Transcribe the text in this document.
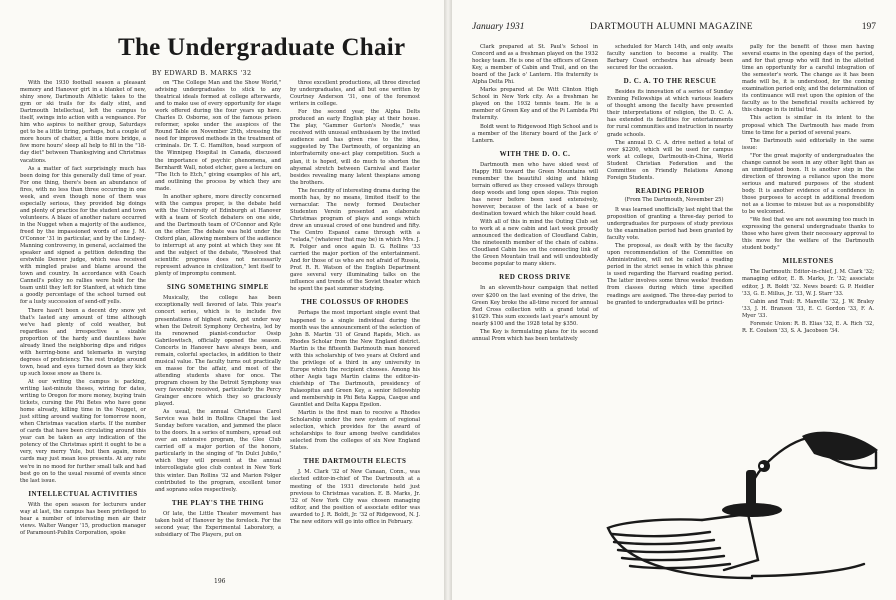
The Undergraduate Chair
BY EDWARD B. MARKS '32

With the 1930 football season a pleasant memory and Hanover girt in a blanket of new, shiny snow, Dartmouth Athletic takes to the gym or ski trails for its daily stint, and Dartmouth Intellectual, left the campus to itself, swings into action with a vengeance. For him who aspires to neither group, Saturdays get to be a little tiring, perhaps, but a couple of more hours of chatter, a little more bridge, a few more hours' sleep all help to fill in the "18-day diet" between Thanksgiving and Christmas vacations.

As a matter of fact surprisingly much has been doing for this generally dull time of year. For one thing, there's been an abundance of fires, with no less than three occurring in one week, and even though none of them was especially serious, they provided big doings and plenty of practice for the student and town volunteers. A blaze of another nature occurred in the Nugget when a majority of the audience, freed by the impassioned words of one J. M. O'Connor '31 in particular, and by the Lindsey-Manning controversy, in general, acclaimed the speaker and signed a petition defending the erstwhile Denver judge, which was received with mingled praise and blame around the town and country. In accordance with Coach Cannell's policy no rallies were held for the team until they left for Stanford, at which time a goodly percentage of the school turned out for a lusty succession of send-off yells.

There hasn't been a decent dry snow yet that's lasted any amount of time although we've had plenty of cold weather, but regardless and irrespective a sizable proportion of the hardy and dauntless have already lined the neighboring dips and ridges with herring-bone and telemarks in varying degrees of proficiency. The rest trudge around town, head and eyes turned down as they kick up such loose snow as there is.

At our writing the campus is packing, writing last-minute theses, wiring for dates, writing to Oregon for more money, buying train tickets, cursing the Phi Betes who have gone home already, killing time in the Nugget, or just sitting around waiting for tomorrow noon, when Christmas vacation starts. If the number of cards that have been circulating around this year can be taken as any indication of the potency of the Christmas spirit it ought to be a very, very merry Yule, but then again, more cards may just mean less presents. At any rate we're in no mood for further small talk and had best go on to the usual resumé of events since the last issue.

INTELLECTUAL ACTIVITIES

With the open season for lecturers under way at last, the campus has been privileged to hear a number of interesting men air their views. Walter Wanger '15, production manager of Paramount-Publix Corporation, spoke

on "The College Man and the Show World," advising undergraduates to stick to any theatrical ideals formed at college afterwards, and to make use of every opportunity for stage work offered during the four years up here. Charles D. Osborne, son of the famous prison reformer, spoke under the auspices of the Round Table on November 25th, stressing the need for improved methods in the treatment of criminals. Dr. T. C. Hamilton, head surgeon of the Winnipeg Hospital in Canada, discussed the importance of psychic phenomena, and Bernhardt Wall, noted etcher, gave a lecture on "The Itch to Etch," giving examples of his art, and outlining the process by which they are made.

In another sphere, more directly concerned with the campus proper, is the debate held with the University of Edinburgh at Hanover with a team of Scotch debaters on one side, and the Dartmouth team of O'Connor and Kyle on the other. The debate was held under the Oxford plan, allowing members of the audience to interrupt at any point at which they see fit and the subject of the debate, "Resolved that scientific progress does not necessarily represent advance in civilization," lent itself to plenty of impromptu comment.

SING SOMETHING SIMPLE

Musically, the college has been exceptionally well favored of late. This year's concert series, which is to include five presentations of highest rank, got under way when the Detroit Symphony Orchestra, led by its renowned pianist-conductor Ossip Gabrilowitsch, officially opened the season. Concerts in Hanover have always been, and remain, colorful spectacles, in addition to their musical value. The faculty turns out practically en masse for the affair, and most of the attending students shave for once. The program chosen by the Detroit Symphony was very favorably received, particularly the Percy Grainger encore which they so graciously played.

As usual, the annual Christmas Carol Service was held in Rollins Chapel the last Sunday before vacation, and jammed the place to the doors. In a series of numbers, spread out over an extensive program, the Glee Club carried off a major portion of the honors, particularly in the singing of "In Dulci Jubilo," which they will present at the annual intercollegiate glee club contest in New York this winter. Dan Rollins '32 and Marion Folger contributed to the program, excellent tenor and soprano solos respectively.

THE PLAY'S THE THING

Of late, the Little Theater movement has taken hold of Hanover by the forelock. For the second year, the Experimental Laboratory, a subsidiary of The Players, put on

three excellent productions, all three directed by undergraduates, and all but one written by Courtney Anderson '31, one of the foremost writers in college.

For the second year, the Alpha Delts produced an early English play at their house. The play, "Gammer Gurton's Needle," was received with unusual enthusiasm by the invited audience and has given rise to the idea, suggested by The Dartmouth, of organizing an interfraternity one-act play competition. Such a plan, it is hoped, will do much to shorten the abysmal stretch between Carnival and Easter besides revealing many latent thespians among the brothers.

The fecundity of interesting drama during the month has, by no means, limited itself to the vernacular. The newly formed Deutscher Studenten Verein presented an elaborate Christmas program of plays and songs which drew an unusual crowd of one hundred and fifty. The Centro Espanol came through with a "velada," (whatever that may be) in which Mrs. J. R. Folger and once again D. G. Rollins '33 carried the major portion of the entertainment. And for those of us who are not afraid of Russia, Prof. R. R. Watson of the English Department gave several very illuminating talks on the influence and trends of the Soviet theater which he spent the past summer studying.

THE COLOSSUS OF RHODES

Perhaps the most important single event that happened to a single individual during the month was the announcement of the selection of John B. Martin '31 of Grand Rapids, Mich. as Rhodes Scholar from the New England district. Martin is the fifteenth Dartmouth man honored with this scholarship of two years at Oxford and the privilege of a third in any university in Europe which the recipient chooses. Among his other Aegis tags Martin claims the editor-in-chiefship of The Dartmouth, presidency of Palaeopitus and Green Key, a senior fellowship and membership in Phi Beta Kappa, Casque and Gauntlet and Delta Kappa Epsilon.

Martin is the first man to receive a Rhodes Scholarship under the new system of regional selection, which provides for the award of scholarships to four among twelve candidates selected from the colleges of six New England States.

THE DARTMOUTH ELECTS

J. M. Clark '32 of New Canaan, Conn., was elected editor-in-chief of The Dartmouth at a meeting of the 1931 directorate held just previous to Christmas vacation. E. B. Marks, Jr. '32 of New York City was chosen managing editor, and the position of associate editor was awarded to J. R. Boldt, Jr. '32 of Ridgewood, N. J. The new editors will go into office in February.

196
January 1931	DARTMOUTH ALUMNI MAGAZINE	197

Clark prepared at St. Paul's School in Concord and as a freshman played on the 1932 hockey team. He is one of the officers of Green Key, a member of Cabin and Trail, and on the board of the Jack o' Lantern. His fraternity is Alpha Delta Phi.

Marks prepared at De Witt Clinton High School in New York city. As a freshman he played on the 1932 tennis team. He is a member of Green Key and of the Pi Lambda Phi fraternity.

Boldt went to Ridgewood High School and is a member of the literary board of the Jack o' Lantern.

WITH THE D. O. C.

Dartmouth men who have skied west of Happy Hill toward the Green Mountains will remember the beautiful skiing and hiking terrain offered as they crossed valleys through deep woods and long open slopes. This region has never before been used extensively, however, because of the lack of a base or destination toward which the hiker could head.

With all of this in mind the Outing Club set to work at a new cabin and last week proudly announced the dedication of Cloudland Cabin, the nineteenth member of the chain of cabins. Cloudland Cabin lies on the connecting link of the Green Mountain trail and will undoubtedly become popular to many skiers.

RED CROSS DRIVE

In an eleventh-hour campaign that netted over $200 on the last evening of the drive, the Green Key broke the all-time record for annual Red Cross collection with a grand total of $1029. This sum exceeds last year's amount by nearly $100 and the 1928 total by $350.

The Key is formulating plans for its second annual Prom which has been tentatively

scheduled for March 14th, and only awaits faculty sanction to become a reality. The Barbary Coast orchestra has already been secured for the occasion.

D. C. A. TO THE RESCUE

Besides its innovation of a series of Sunday Evening Fellowships at which various leaders of thought among the faculty have presented their interpretations of religion, the D. C. A. has extended its facilities for entertainments for rural communities and instruction in nearby grade schools.

The annual D. C. A. drive netted a total of over $2200, which will be used for campus work at college, Dartmouth-in-China, World Student Christian Federation and the Committee on Friendly Relations Among Foreign Students.

READING PERIOD

(From The Dartmouth, November 25)

It was learned unofficially last night that the proposition of granting a three-day period to undergraduates for purposes of study previous to the examination period had been granted by faculty vote.

The proposal, as dealt with by the faculty upon recommendation of the Committee on Administration, will not be called a reading period in the strict sense in which this phrase is used regarding the Harvard reading period. The latter involves some three weeks' freedom from classes during which time specified readings are assigned. The three-day period to be granted to undergraduates will be princi-

pally for the benefit of those men having several exams in the opening days of the period, and for that group who will find in the allotted time an opportunity for a careful integration of the semester's work. The change as it has been made will be, it is understood, for the coming examination period only, and the determination of its continuance will rest upon the opinion of the faculty as to the beneficial results achieved by this change in its initial trial.

This action is similar in its intent to the proposal which The Dartmouth has made from time to time for a period of several years.

The Dartmouth said editorially in the same issue:

"For the great majority of undergraduates the change cannot be seen in any other light than as an unmitigated boon. It is another step in the direction of throwing a reliance upon the more serious and matured purposes of the student body. It is another evidence of a confidence in those purposes to accept in additional freedom not as a license to misuse but as a responsibility to be welcomed.

"We feel that we are not assuming too much in expressing the general undergraduate thanks to those who have given their necessary approval to this move for the welfare of the Dartmouth student body."

MILESTONES

The Dartmouth: Editor-in-chief, J. M. Clark '32; managing editor, E. B. Marks, Jr. '32; associate editor, J. R. Boldt '32. News board: G. P. Heidler '33, G. E. Millus, Jr. '33, W. J. Starr '33.

Cabin and Trail: R. Manville '32, J. W. Braley '33, J. H. Branson '33, E. C. Gordon '33, F. A. Myer '33.

Forensic Union: R. B. Elias '32, E. A. Rich '32, R. E. Coulson '33, S. A. Jacobson '34.
